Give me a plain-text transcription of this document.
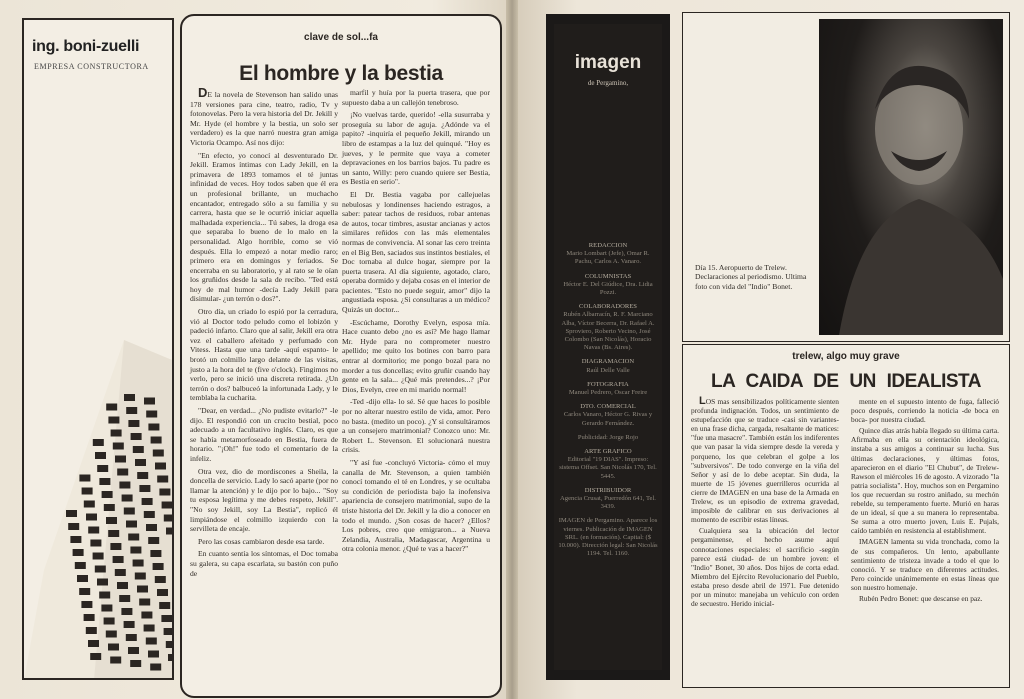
ing. boni-zuelli
EMPRESA CONSTRUCTORA
clave de sol...fa
El hombre y la bestia

DE la novela de Stevenson han salido unas 178 versiones para cine, teatro, radio, Tv y fotonovelas. Pero la vera historia del Dr. Jekill y Mr. Hyde (el hombre y la bestia, un solo ser verdadero) es la que narró nuestra gran amiga Victoria Ocampo. Así nos dijo:

"En efecto, yo conocí al desventurado Dr. Jekill. Eramos íntimas con Lady Jekill, en la primavera de 1893 tomamos el té juntas infinidad de veces. Hoy todos saben que él era un profesional brillante, un muchacho encantador, entregado sólo a su familia y su carrera, hasta que se le ocurrió iniciar aquella malhadada experiencia... Tú sabes, la droga esa que separaba lo bueno de lo malo en la personalidad. Algo horrible, como se vió después. Ella lo empezó a notar medio raro; primero era en domingos y feriados. Se encerraba en su laboratorio, y al rato se le oían los gruñidos desde la sala de recibo. "Ted está hoy de mal humor -decía Lady Jekill para disimular- ¿un terrón o dos?".

Otro día, un criado lo espió por la cerradura, vió al Doctor todo peludo como el lobizón y padeció infarto. Claro que al salir, Jekill era otra vez el caballero afeitado y perfumado con Vitess. Hasta que una tarde -aquí espanto- le brotó un colmillo largo delante de las visitas, justo a la hora del te (five o'clock). Fingimos no verlo, pero se inició una discreta retirada. ¿Un terrón o dos? balbuceó la infortunada Lady, y le temblaba la cucharita.

"Dear, en verdad... ¿No pudiste evitarlo?" -le dijo. El respondió con un crucito bestial, poco adecuado a un facultativo inglés. Claro, es que se había metamorfoseado en Bestia, fuera de horario. "¡Oh!" fue todo el comentario de la infeliz.

Otra vez, dio de mordiscones a Sheila, la doncella de servicio. Lady lo sacó aparte (por no llamar la atención) y le dijo por lo bajo... "Soy tu esposa legítima y me debes respeto, Jekill". "No soy Jekill, soy La Bestia", replicó él limpiándose el colmillo izquierdo con la servilleta de encaje.

Pero las cosas cambiaron desde esa tarde.

En cuanto sentía los síntomas, el Doc tomaba su galera, su capa escarlata, su bastón con puño de

marfil y huía por la puerta trasera, que por supuesto daba a un callejón tenebroso.

¡No vuelvas tarde, querido! -ella susurraba y proseguía su labor de aguja. ¿Adónde va el papito? -inquiría el pequeño Jekill, mirando un libro de estampas a la luz del quinqué. "Hoy es jueves, y le permite que vaya a cometer depravaciones en los barrios bajos. Tu padre es un santo, Willy: pero cuando quiere ser Bestia, es Bestia en serio".

El Dr. Bestia vagaba por callejuelas nebulosas y londinenses haciendo estragos, a saber: patear tachos de residuos, robar antenas de autos, tocar timbres, asustar ancianas y actos similares reñidos con las más elementales normas de convivencia. Al sonar las cero treinta en el Big Ben, saciados sus instintos bestiales, el Doc tornaba al dulce hogar, siempre por la puerta trasera. Al día siguiente, agotado, claro, operaba dormido y dejaba cosas en el interior de pacientes. "Esto no puede seguir, amor" dijo la angustiada esposa. ¿Si consultaras a un médico? Quizás un doctor...

-Escúchame, Dorothy Evelyn, esposa mía. Hace cuanto debo ¿no es así? Me hago llamar Mr. Hyde para no comprometer nuestro apellido; me quito los botines con barro para entrar al dormitorio; me pongo bozal para no morder a tus doncellas; evito gruñir cuando hay gente en la sala... ¿Qué más pretendes...? ¡Por Dios, Evelyn, cree en mi marido normal!

-Ted -dijo ella- lo sé. Sé que haces lo posible por no alterar nuestro estilo de vida, amor. Pero no basta. (medito un poco). ¿Y si consultáramos a un consejero matrimonial? Conozco uno: Mr. Robert L. Stevenson. El solucionará nuestra crisis.

"Y así fue -concluyó Victoria- cómo el muy canalla de Mr. Stevenson, a quien también conocí tomando el té en Londres, y se ocultaba su condición de periodista bajo la inofensiva apariencia de consejero matrimonial, supo de la triste historia del Dr. Jekill y la dio a conocer en todo el mundo. ¿Son cosas de hacer? ¿Ellos? Los pobres, creo que emigraron... a Nueva Zelandia, Australia, Madagascar, Argentina u otra colonia menor. ¿Qué te vas a hacer?"

imagen
de Pergamino,
REDACCION
Mario Lombart (Jefe), Omar R. Pachu, Carlos A. Vanaro.
COLUMNISTAS
Héctor E. Del Giúdice, Dra. Lidia Pozzi.
COLABORADORES
Rubén Albarracín, R. F. Marciano Alba, Víctor Becerra, Dr. Rafael A. Sproviero, Roberto Vecino, José Colombo (San Nicolás), Horacio Navas (Bs. Aires).
DIAGRAMACION
Raúl Delle Valle
FOTOGRAFIA
Manuel Pedrero, Oscar Freire
DTO. COMERCIAL
Carlos Vanaro, Héctor G. Rivas y Gerardo Fernández.
Publicidad: Jorge Rojo
ARTE GRAFICO
Editorial "19 DIAS". Impreso: sistema Offset. San Nicolás 170, Tel. 5445.
DISTRIBUIDOR
Agencia Crusat, Puerredón 641, Tel. 3439.
IMAGEN de Pergamino. Aparece los viernes. Publicación de IMAGEN SRL. (en formación). Capital: ($ 10.000). Dirección legal: San Nicolás 1194. Tel. 1160.
Día 15. Aeropuerto de Trelew. Declaraciones al periodismo. Ultima foto con vida del "Indio" Bonet.
trelew, algo muy grave
LA CAIDA DE UN IDEALISTA

LOS mas sensibilizados políticamente sienten profunda indignación. Todos, un sentimiento de estupefacción que se traduce -casi sin variantes- en una frase dicha, cargada, resaltante de matices: "fue una masacre". También están los indiferentes que van pasar la vida siempre desde la vereda y porqueno, los que celebran el golpe a los "subversivos". De todo converge en la viña del Señor y así de lo debe aceptar. Sin duda, la muerte de 15 jóvenes guerrilleros ocurrida al cierre de IMAGEN en una base de la Armada en Trelew, es un episodio de extrema gravedad, imposible de calibrar en sus derivaciones al momento de escribir estas líneas.

Cualquiera sea la ubicación del lector pergaminense, el hecho asume aquí connotaciones especiales: el sacrificio -según parece está ciudad- de un hombre joven: el "Indio" Bonet, 30 años. Dos hijos de corta edad. Miembro del Ejército Revolucionario del Pueblo, estaba preso desde abril de 1971. Fue detenido por un minuto: manejaba un vehículo con orden de secuestro. Herido inicial-

mente en el supuesto intento de fuga, falleció poco después, corriendo la noticia -de boca en boca- por nuestra ciudad.

Quince días atrás había llegado su última carta. Afirmaba en ella su orientación ideológica, instaba a sus amigos a continuar su lucha. Sus últimas declaraciones, y últimas fotos, aparecieron en el diario "El Chubut", de Trelew-Rawson el miércoles 16 de agosto. A vizorado "la patria socialista". Hoy, muchos son en Pergamino los que recuerdan su rostro aniñado, su mechón rebelde, su temperamento fuerte. Murió en haras de un ideal, sí que a su manera lo representaba. Se suma a otro muerto joven, Luis E. Pujals, caído también en resistencia al establishment.

IMAGEN lamenta su vida tronchada, como la de sus compañeros. Un lento, apabullante sentimiento de tristeza invade a todo el que lo conoció. Y se traduce en diferentes actitudes. Pero coincide unánimemente en estas líneas que son nuestro homenaje.

Rubén Pedro Bonet: que descanse en paz.
